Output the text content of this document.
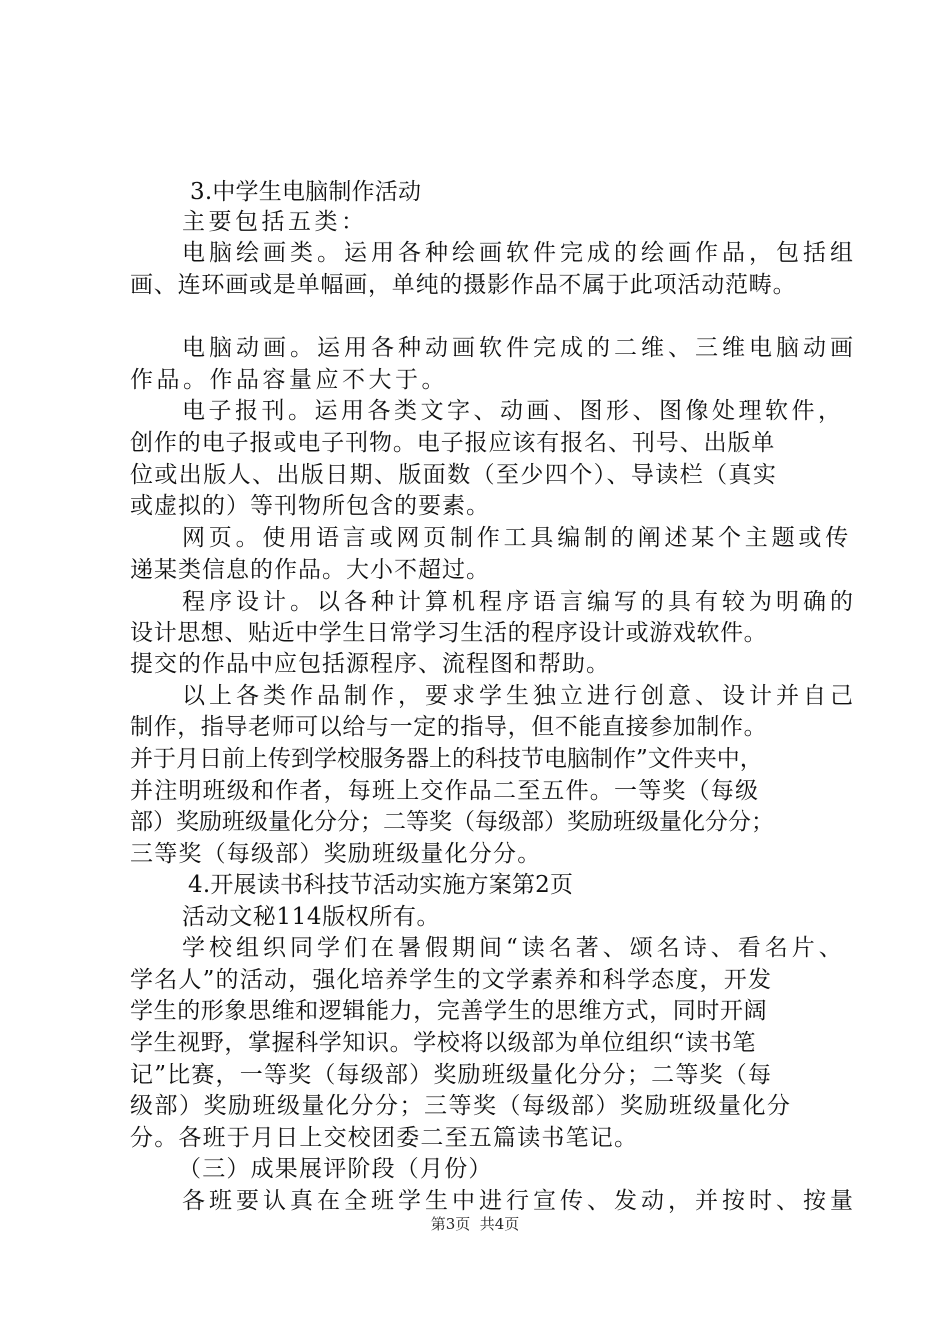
3.中学生电脑制作活动
主要包括五类：
电脑绘画类。运用各种绘画软件完成的绘画作品，包括组
画、连环画或是单幅画，单纯的摄影作品不属于此项活动范畴。
电脑动画。运用各种动画软件完成的二维、三维电脑动画
作品。作品容量应不大于。
电子报刊。运用各类文字、动画、图形、图像处理软件，
创作的电子报或电子刊物。电子报应该有报名、刊号、出版单
位或出版人、出版日期、版面数（至少四个）、导读栏（真实
或虚拟的）等刊物所包含的要素。
网页。使用语言或网页制作工具编制的阐述某个主题或传
递某类信息的作品。大小不超过。
程序设计。以各种计算机程序语言编写的具有较为明确的
设计思想、贴近中学生日常学习生活的程序设计或游戏软件。
提交的作品中应包括源程序、流程图和帮助。
以上各类作品制作，要求学生独立进行创意、设计并自己
制作，指导老师可以给与一定的指导，但不能直接参加制作。
并于月日前上传到学校服务器上的科技节电脑制作”文件夹中，
并注明班级和作者，每班上交作品二至五件。一等奖（每级
部）奖励班级量化分分；二等奖（每级部）奖励班级量化分分；
三等奖（每级部）奖励班级量化分分。
4.开展读书科技节活动实施方案第2页
活动文秘114版权所有。
学校组织同学们在暑假期间“读名著、颂名诗、看名片、
学名人”的活动，强化培养学生的文学素养和科学态度，开发
学生的形象思维和逻辑能力，完善学生的思维方式，同时开阔
学生视野，掌握科学知识。学校将以级部为单位组织“读书笔
记”比赛，一等奖（每级部）奖励班级量化分分；二等奖（每
级部）奖励班级量化分分；三等奖（每级部）奖励班级量化分
分。各班于月日上交校团委二至五篇读书笔记。
（三）成果展评阶段（月份）
各班要认真在全班学生中进行宣传、发动，并按时、按量
第3页  共4页
